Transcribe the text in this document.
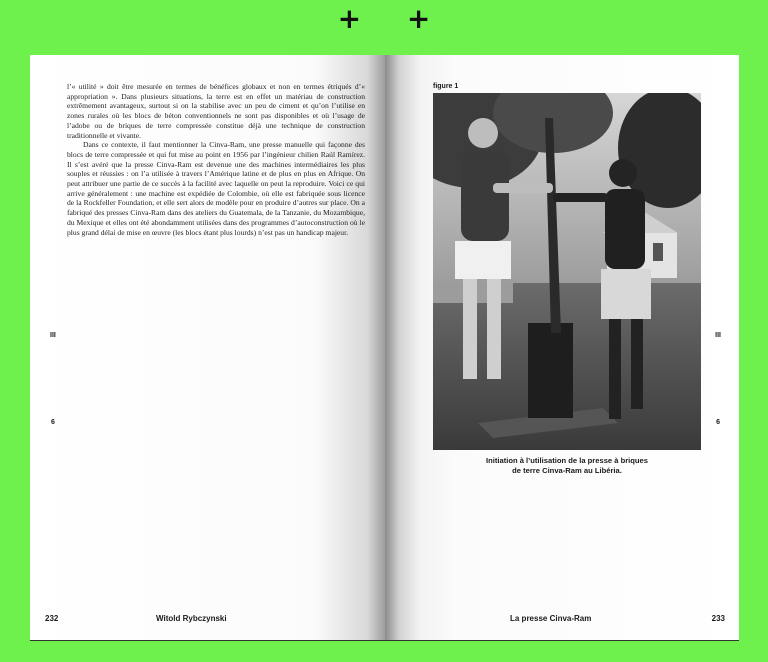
+ +

l’« utilité » doit être mesurée en termes de bénéfices globaux et non en termes étriqués d’« appropriation ». Dans plusieurs situations, la terre est en effet un matériau de construction extrêmement avantageux, surtout si on la stabilise avec un peu de ciment et qu’on l’utilise en zones rurales où les blocs de béton conventionnels ne sont pas disponibles et où l’usage de l’adobe ou de briques de terre compressée constitue déjà une technique de construction traditionnelle et vivante.

Dans ce contexte, il faut mentionner la Cinva-Ram, une presse manuelle qui façonne des blocs de terre compressée et qui fut mise au point en 1956 par l’ingénieur chilien Raúl Ramírez. Il s’est avéré que la presse Cinva-Ram est devenue une des machines intermédiaires les plus souples et réussies : on l’a utilisée à travers l’Amérique latine et de plus en plus en Afrique. On peut attribuer une partie de ce succès à la facilité avec laquelle on peut la reproduire. Voici ce qui arrive généralement : une machine est expédiée de Colombie, où elle est fabriquée sous licence de la Rockfeller Foundation, et elle sert alors de modèle pour en produire d’autres sur place. On a fabriqué des presses Cinva-Ram dans des ateliers du Guatemala, de la Tanzanie, du Mozambique, du Mexique et elles ont été abondamment utilisées dans des programmes d’autoconstruction où le plus grand délai de mise en œuvre (les blocs étant plus lourds) n’est pas un handicap majeur.

III
6
232	Witold Rybczynski
figure 1
Initiation à l’utilisation de la presse à briques
de terre Cinva-Ram au Libéria.
III
6
La presse Cinva-Ram	233
